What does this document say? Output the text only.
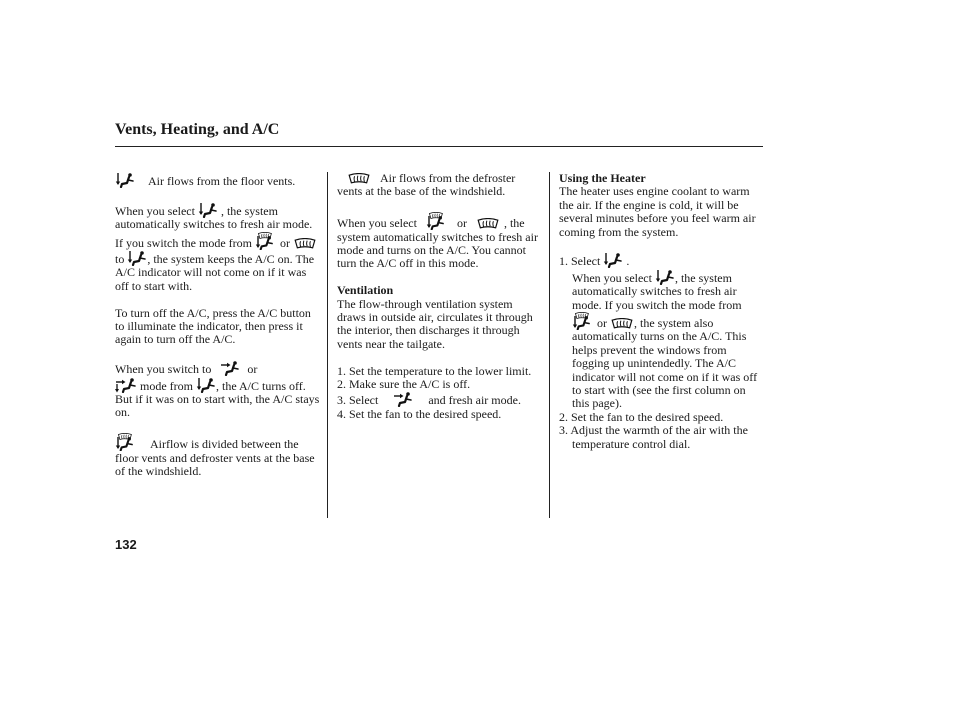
Vents, Heating, and A/C

Air flows from the floor vents.

When you select , the system automatically switches to fresh air mode. If you switch the mode from or
to , the system keeps the A/C on. The A/C indicator will not come on if it was off to start with.

To turn off the A/C, press the A/C button to illuminate the indicator, then press it again to turn off the A/C.

When you switch to	or

mode from , the A/C turns off. But if it was on to start with, the A/C stays on.

Airflow is divided between the floor vents and defroster vents at the base of the windshield.

Air flows from the defroster vents at the base of the windshield.

When you select	or	, the system automatically switches to fresh air mode and turns on the A/C. You cannot turn the A/C off in this mode.

Ventilation

The flow-through ventilation system draws in outside air, circulates it through the interior, then discharges it through vents near the tailgate.

1. Set the temperature to the lower limit.

2. Make sure the A/C is off.

3. Select	and fresh air mode.

4. Set the fan to the desired speed.

Using the Heater

The heater uses engine coolant to warm the air. If the engine is cold, it will be several minutes before you feel warm air coming from the system.

1. Select .

When you select , the system automatically switches to fresh air mode. If you switch the mode from
or , the system also automatically turns on the A/C. This helps prevent the windows from fogging up unintendedly. The A/C indicator will not come on if it was off to start with (see the first column on this page).

2. Set the fan to the desired speed.

3. Adjust the warmth of the air with the temperature control dial.

132
